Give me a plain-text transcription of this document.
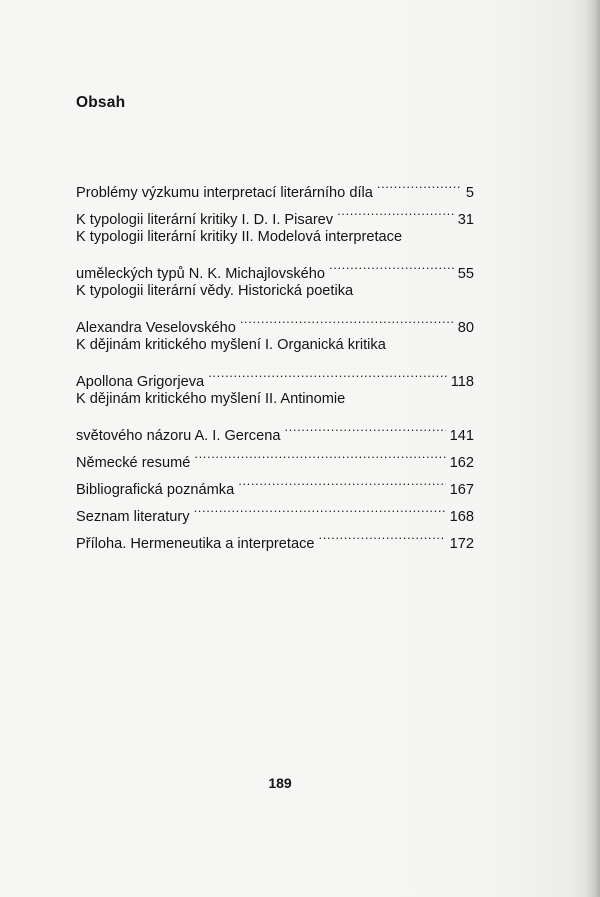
· · · · · · · ·
· · · · · · · · · · · · · · · · · ·
Obsah
Problémy výzkumu interpretací literárního díla .....	5
K typologii literární kritiky I. D. I. Pisarev .....	31
K typologii literární kritiky II. Modelová interpretace
uměleckých typů N. K. Michajlovského .....	55
K typologii literární vědy. Historická poetika
Alexandra Veselovského .....	80
K dějinám kritického myšlení I. Organická kritika
Apollona Grigorjeva .....	118
K dějinám kritického myšlení II. Antinomie
světového názoru A. I. Gercena .....	141
Německé resumé .....	162
Bibliografická poznámka .....	167
Seznam literatury .....	168
Příloha. Hermeneutika a interpretace .....	172
189
